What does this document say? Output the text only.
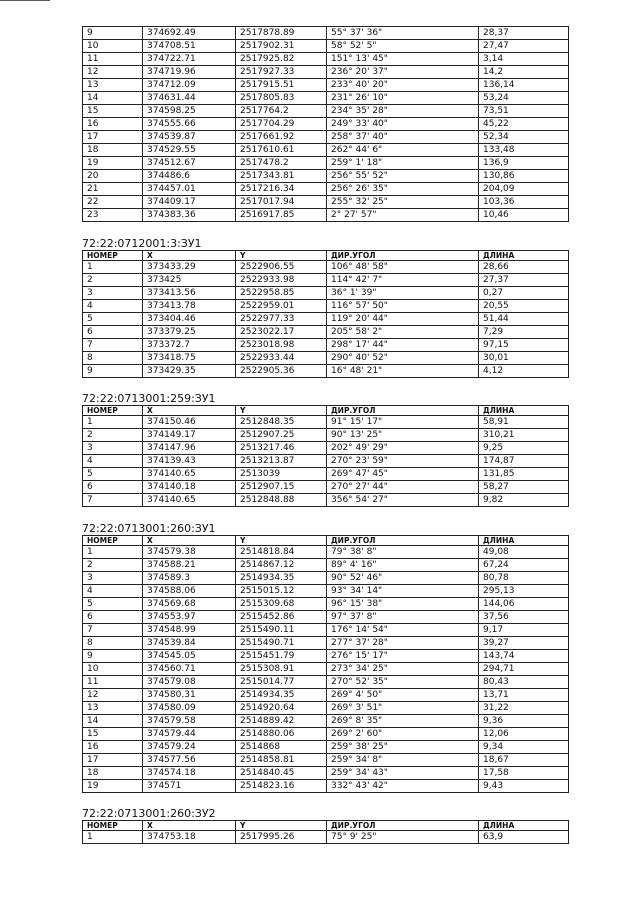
9	374692.49	2517878.89	55° 37' 36"	28,37
10	374708.51	2517902.31	58° 52' 5"	27,47
11	374722.71	2517925.82	151° 13' 45"	3,14
12	374719.96	2517927.33	236° 20' 37"	14,2
13	374712.09	2517915.51	233° 40' 20"	136,14
14	374631.44	2517805.83	231° 26' 10"	53,24
15	374598.25	2517764.2	234° 35' 28"	73,51
16	374555.66	2517704.29	249° 33' 40"	45,22
17	374539.87	2517661.92	258° 37' 40"	52,34
18	374529.55	2517610.61	262° 44' 6"	133,48
19	374512.67	2517478.2	259° 1' 18"	136,9
20	374486.6	2517343.81	256° 55' 52"	130,86
21	374457.01	2517216.34	256° 26' 35"	204,09
22	374409.17	2517017.94	255° 32' 25"	103,36
23	374383.36	2516917.85	2° 27' 57"	10,46
72:22:0712001:3:ЗУ1
НОМЕР	X	Y	ДИР.УГОЛ	ДЛИНА
1	373433.29	2522906.55	106° 48' 58"	28,66
2	373425	2522933.98	114° 42' 7"	27,37
3	373413.56	2522958.85	36° 1' 39"	0,27
4	373413.78	2522959.01	116° 57' 50"	20,55
5	373404.46	2522977.33	119° 20' 44"	51,44
6	373379.25	2523022.17	205° 58' 2"	7,29
7	373372.7	2523018.98	298° 17' 44"	97,15
8	373418.75	2522933.44	290° 40' 52"	30,01
9	373429.35	2522905.36	16° 48' 21"	4,12
72:22:0713001:259:ЗУ1
НОМЕР	X	Y	ДИР.УГОЛ	ДЛИНА
1	374150.46	2512848.35	91° 15' 17"	58,91
2	374149.17	2512907.25	90° 13' 25"	310,21
3	374147.96	2513217.46	202° 49' 29"	9,25
4	374139.43	2513213.87	270° 23' 59"	174,87
5	374140.65	2513039	269° 47' 45"	131,85
6	374140.18	2512907.15	270° 27' 44"	58,27
7	374140.65	2512848.88	356° 54' 27"	9,82
72:22:0713001:260:ЗУ1
НОМЕР	X	Y	ДИР.УГОЛ	ДЛИНА
1	374579.38	2514818.84	79° 38' 8"	49,08
2	374588.21	2514867.12	89° 4' 16"	67,24
3	374589.3	2514934.35	90° 52' 46"	80,78
4	374588.06	2515015.12	93° 34' 14"	295,13
5	374569.68	2515309.68	96° 15' 38"	144,06
6	374553.97	2515452.86	97° 37' 8"	37,56
7	374548.99	2515490.11	176° 14' 54"	9,17
8	374539.84	2515490.71	277° 37' 28"	39,27
9	374545.05	2515451.79	276° 15' 17"	143,74
10	374560.71	2515308.91	273° 34' 25"	294,71
11	374579.08	2515014.77	270° 52' 35"	80,43
12	374580.31	2514934.35	269° 4' 50"	13,71
13	374580.09	2514920.64	269° 3' 51"	31,22
14	374579.58	2514889.42	269° 8' 35"	9,36
15	374579.44	2514880.06	269° 2' 60"	12,06
16	374579.24	2514868	259° 38' 25"	9,34
17	374577.56	2514858.81	259° 34' 8"	18,67
18	374574.18	2514840.45	259° 34' 43"	17,58
19	374571	2514823.16	332° 43' 42"	9,43
72:22:0713001:260:ЗУ2
НОМЕР	X	Y	ДИР.УГОЛ	ДЛИНА
1	374753.18	2517995.26	75° 9' 25"	63,9
